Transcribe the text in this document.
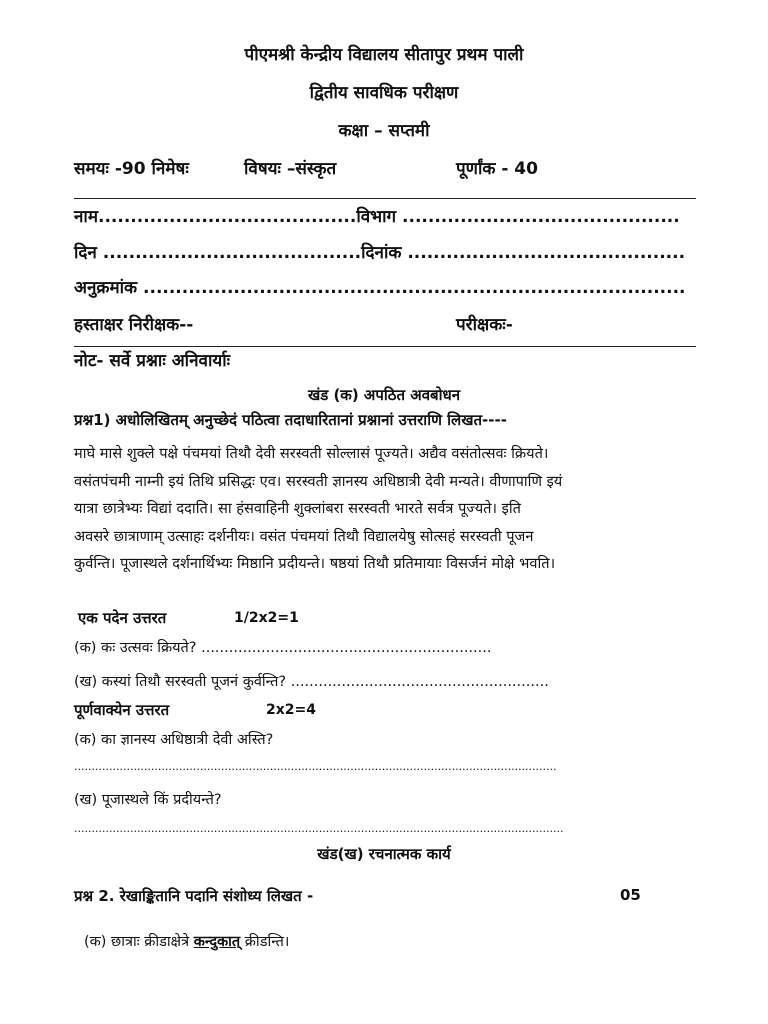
पीएमश्री केन्द्रीय विद्यालय सीतापुर प्रथम पाली
द्वितीय सावधिक परीक्षण
कक्षा – सप्तमी
समयः -90 निमेषः	विषयः –संस्कृत	पूर्णांक - 40
नाम........................................विभाग ...........................................
दिन ........................................दिनांक ...........................................
अनुक्रमांक ....................................................................................
हस्ताक्षर निरीक्षक--	परीक्षकः-
नोट- सर्वे प्रश्नाः अनिवार्याः
खंड (क) अपठित अवबोधन
प्रश्न1) अधोलिखितम् अनुच्छेदं पठित्वा तदाधारितानां प्रश्नानां उत्तराणि लिखत----
माघे मासे शुक्ले पक्षे पंचमयां तिथौ देवी सरस्वती सोल्लासं पूज्यते। अद्यैव वसंतोत्सवः क्रियते।
वसंतपंचमी नाम्नी इयं तिथि प्रसिद्धः एव। सरस्वती ज्ञानस्य अधिष्ठात्री देवी मन्यते। वीणापाणि इयं
यात्रा छात्रेभ्यः विद्यां ददाति। सा हंसवाहिनी शुक्लांबरा सरस्वती भारते सर्वत्र पूज्यते। इति
अवसरे छात्राणाम् उत्साहः दर्शनीयः। वसंत पंचमयां तिथौ विद्यालयेषु सोत्सहं सरस्वती पूजन
कुर्वन्ति। पूजास्थले दर्शनार्थिभ्यः मिष्ठानि प्रदीयन्ते। षष्ठयां तिथौ प्रतिमायाः विसर्जनं मोक्षे भवति।
एक पदेन उत्तरत	1/2x2=1
(क) कः उत्सवः क्रियते? ...............................................................
(ख) कस्यां तिथौ सरस्वती पूजनं कुर्वन्ति? ........................................................
पूर्णवाक्येन उत्तरत	2x2=4
(क) का ज्ञानस्य अधिष्ठात्री देवी अस्ति?
..........................................................................................................................................
(ख) पूजास्थले किं प्रदीयन्ते?
............................................................................................................................................
खंड(ख) रचनात्मक कार्य
प्रश्न 2. रेखाङ्कितानि पदानि संशोध्य लिखत -	05
(क) छात्राः क्रीडाक्षेत्रे कन्दुकात् क्रीडन्ति।
